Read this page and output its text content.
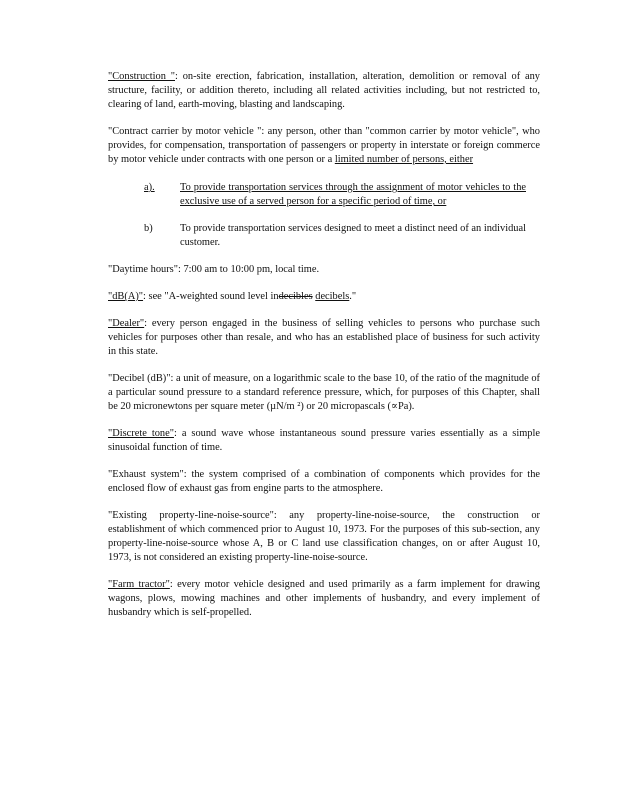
"Construction ": on-site erection, fabrication, installation, alteration, demolition or removal of any structure, facility, or addition thereto, including all related activities including, but not restricted to, clearing of land, earth-moving, blasting and landscaping.

"Contract carrier by motor vehicle ": any person, other than "common carrier by motor vehicle", who provides, for compensation, transportation of passengers or property in interstate or foreign commerce by motor vehicle under contracts with one person or a limited number of persons, either

a).	To provide transportation services through the assignment of motor vehicles to the exclusive use of a served person for a specific period of time, or
b)	To provide transportation services designed to meet a distinct need of an individual customer.

"Daytime hours": 7:00 am to 10:00 pm, local time.

"dB(A)": see "A-weighted sound level indecibles decibels."

"Dealer": every person engaged in the business of selling vehicles to persons who purchase such vehicles for purposes other than resale, and who has an established place of business for such activity in this state.

"Decibel (dB)": a unit of measure, on a logarithmic scale to the base 10, of the ratio of the magnitude of a particular sound pressure to a standard reference pressure, which, for purposes of this Chapter, shall be 20 micronewtons per square meter (µN/m ²) or 20 micropascals (∝Pa).

"Discrete tone": a sound wave whose instantaneous sound pressure varies essentially as a simple sinusoidal function of time.

"Exhaust system": the system comprised of a combination of components which provides for the enclosed flow of exhaust gas from engine parts to the atmosphere.

"Existing property-line-noise-source": any property-line-noise-source, the construction or establishment of which commenced prior to August 10, 1973. For the purposes of this sub-section, any property-line-noise-source whose A, B or C land use classification changes, on or after August 10, 1973, is not considered an existing property-line-noise-source.

"Farm tractor": every motor vehicle designed and used primarily as a farm implement for drawing wagons, plows, mowing machines and other implements of husbandry, and every implement of husbandry which is self-propelled.
